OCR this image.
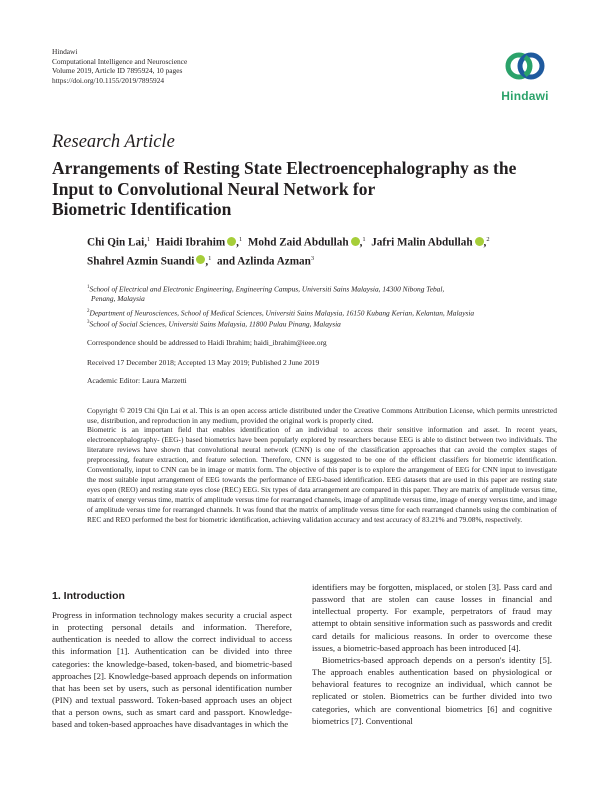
Hindawi
Computational Intelligence and Neuroscience
Volume 2019, Article ID 7895924, 10 pages
https://doi.org/10.1155/2019/7895924
Hindawi
Research Article
Arrangements of Resting State Electroencephalography as the
Input to Convolutional Neural Network for
Biometric Identification
Chi Qin Lai,$^1$ Haidi Ibrahim ,$^1$ Mohd Zaid Abdullah ,$^1$ Jafri Malin Abdullah ,$^2$
Shahrel Azmin Suandi ,$^1$ and Azlinda Azman$^3$
$^1$School of Electrical and Electronic Engineering, Engineering Campus, Universiti Sains Malaysia, 14300 Nibong Tebal,
Penang, Malaysia
$^2$Department of Neurosciences, School of Medical Sciences, Universiti Sains Malaysia, 16150 Kubang Kerian, Kelantan, Malaysia
$^3$School of Social Sciences, Universiti Sains Malaysia, 11800 Pulau Pinang, Malaysia
Correspondence should be addressed to Haidi Ibrahim; haidi_ibrahim@ieee.org
Received 17 December 2018; Accepted 13 May 2019; Published 2 June 2019
Academic Editor: Laura Marzetti
Copyright © 2019 Chi Qin Lai et al. This is an open access article distributed under the Creative Commons Attribution License, which permits unrestricted use, distribution, and reproduction in any medium, provided the original work is properly cited.
Biometric is an important field that enables identification of an individual to access their sensitive information and asset. In recent years, electroencephalography- (EEG-) based biometrics have been popularly explored by researchers because EEG is able to distinct between two individuals. The literature reviews have shown that convolutional neural network (CNN) is one of the classification approaches that can avoid the complex stages of preprocessing, feature extraction, and feature selection. Therefore, CNN is suggested to be one of the efficient classifiers for biometric identification. Conventionally, input to CNN can be in image or matrix form. The objective of this paper is to explore the arrangement of EEG for CNN input to investigate the most suitable input arrangement of EEG towards the performance of EEG-based identification. EEG datasets that are used in this paper are resting state eyes open (REO) and resting state eyes close (REC) EEG. Six types of data arrangement are compared in this paper. They are matrix of amplitude versus time, matrix of energy versus time, matrix of amplitude versus time for rearranged channels, image of amplitude versus time, image of energy versus time, and image of amplitude versus time for rearranged channels. It was found that the matrix of amplitude versus time for each rearranged channels using the combination of REC and REO performed the best for biometric identification, achieving validation accuracy and test accuracy of 83.21% and 79.08%, respectively.
1. Introduction

Progress in information technology makes security a crucial aspect in protecting personal details and information. Therefore, authentication is needed to allow the correct individual to access this information [1]. Authentication can be divided into three categories: the knowledge-based, token-based, and biometric-based approaches [2]. Knowledge-based approach depends on information that has been set by users, such as personal identification number (PIN) and textual password. Token-based approach uses an object that a person owns, such as smart card and passport. Knowledge-based and token-based approaches have disadvantages in which the

identifiers may be forgotten, misplaced, or stolen [3]. Pass card and password that are stolen can cause losses in financial and intellectual property. For example, perpetrators of fraud may attempt to obtain sensitive information such as passwords and credit card details for malicious reasons. In order to overcome these issues, a biometric-based approach has been introduced [4].

Biometrics-based approach depends on a person's identity [5]. The approach enables authentication based on physiological or behavioral features to recognize an individual, which cannot be replicated or stolen. Biometrics can be further divided into two categories, which are conventional biometrics [6] and cognitive biometrics [7]. Conventional
